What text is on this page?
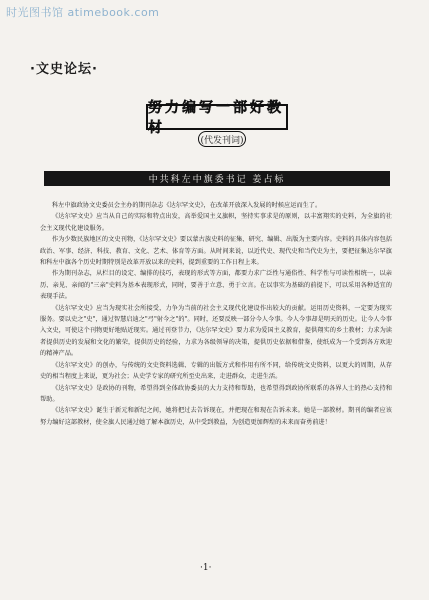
时光图书馆 atimebook.com
·文史论坛·
努力编写一部好教材
(代发刊词)
中共科左中旗委书记 姜占标

科左中旗政协文史委员会主办的期刊杂志《达尔罕文史》，在改革开放深入发展的时候应运而生了。

《达尔罕文史》应当从自己的实际和特点出发，高举爱国主义旗帜，坚持实事求是的原则，以丰富翔实的史料，为全旗的社会主义现代化建设服务。

作为少数民族地区的文史刊物，《达尔罕文史》要以蒙古族史料的征集、研究、编辑、出版为主要内容。史料的具体内容包括政治、军事、经济、科技、教育、文化、艺术、体育等方面。从时间来说，以近代史、现代史和当代史为主，要把征集达尔罕旗和科左中旗各个历史时期特别是改革开放以来的史料，提到重要的工作日程上来。

作为期刊杂志，从栏目的设定、编排的技巧，表现的形式等方面，都要力求广泛性与通俗性、科学性与可读性相统一，以亲历、亲见、亲闻的"三亲"史料为基本表现形式，同时，要善于立意、勇于立言。在以事实为基础的前提下，可以采用各种适宜的表现手法。

《达尔罕文史》应当为现实社会所接受，力争为当前的社会主义现代化建设作出较大的贡献。运用历史资料，一定要为现实服务。要以史之"史"，通过智慧启迪之"弓"射今之"的"。同时，还要反映一部分今人今事。今人今事却是明天的历史。让今人今事入文史，可使这个刊物更好地贴近现实。通过刊登节力，《达尔罕文史》要力求为爱国主义教育，提供翔实的乡土教材；力求为读者提供历史的发展和文化的繁荣，提供历史的经验，力求为各级领导的决策，提供历史依据和借鉴，使纸成为一个受到各方欢迎的精神产品。

《达尔罕文史》的创办，与传统的文史资料选辑、专辑的出版方式和作用有所不同，给传统文史资料，以更大的周期，从存史的相当程度上来说，更为社会；从史学专家的研究所至史出来，走进群众，走进生活。

《达尔罕文史》是政协的刊物，希望得到全体政协委员的大力支持和帮助，也希望得到政协所联系的各界人士的热心支持和帮助。

《达尔罕文史》诞生于新元和新纪之间，她将把过去告诉现在，并把现在和现在告诉未来。她是一部教材。期刊的编者应该努力编好这部教材，使全旗人民通过她了解本旗历史，从中受到教益，为创造更加辉煌的未来而奋勇前进！

·1·
